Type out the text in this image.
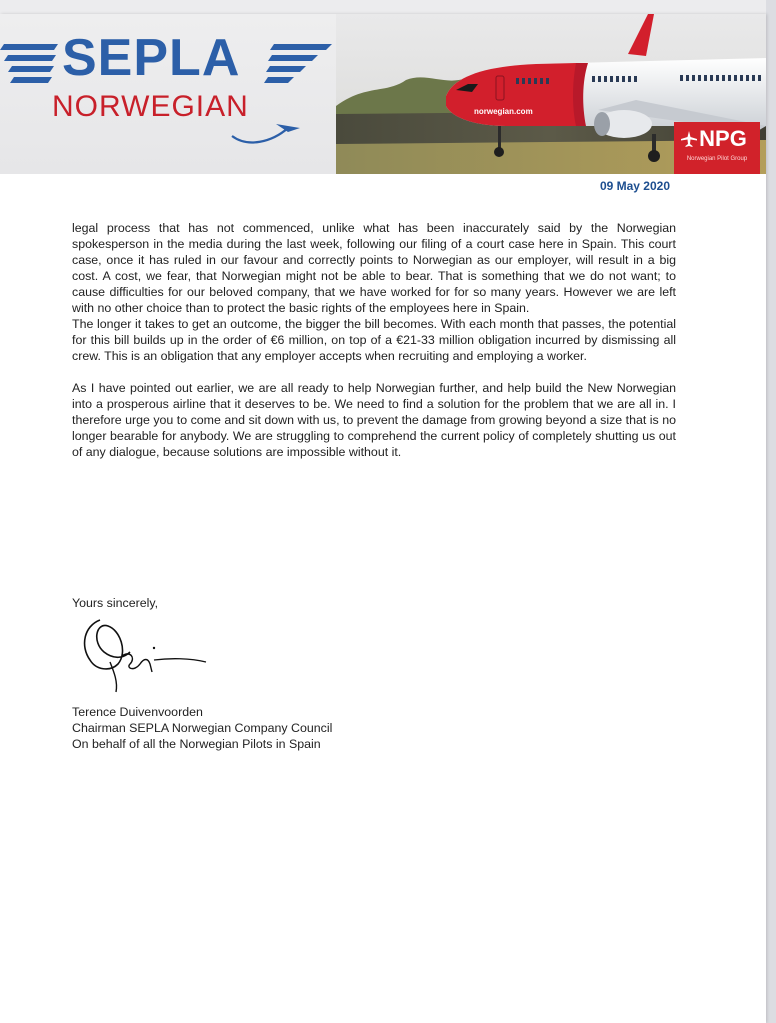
SEPLA
NORWEGIAN	norwegian.com
NPG
Norwegian Pilot Group
09 May 2020

legal process that has not commenced, unlike what has been inaccurately said by the Norwegian spokesperson in the media during the last week, following our filing of a court case here in Spain. This court case, once it has ruled in our favour and correctly points to Norwegian as our employer, will result in a big cost. A cost, we fear, that Norwegian might not be able to bear. That is something that we do not want; to cause difficulties for our beloved company, that we have worked for for so many years. However we are left with no other choice than to protect the basic rights of the employees here in Spain.

The longer it takes to get an outcome, the bigger the bill becomes. With each month that passes, the potential for this bill builds up in the order of €6 million, on top of a €21-33 million obligation incurred by dismissing all crew. This is an obligation that any employer accepts when recruiting and employing a worker.

As I have pointed out earlier, we are all ready to help Norwegian further, and help build the New Norwegian into a prosperous airline that it deserves to be. We need to find a solution for the problem that we are all in. I therefore urge you to come and sit down with us, to prevent the damage from growing beyond a size that is no longer bearable for anybody. We are struggling to comprehend the current policy of completely shutting us out of any dialogue, because solutions are impossible without it.

Yours sincerely,
Terence Duivenvoorden
Chairman SEPLA Norwegian Company Council
On behalf of all the Norwegian Pilots in Spain
